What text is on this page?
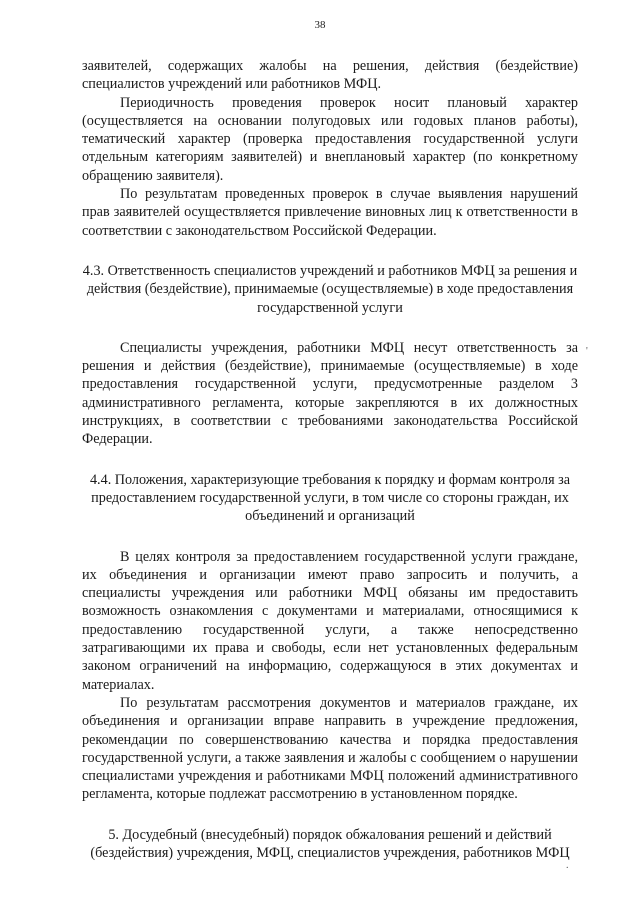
38

заявителей, содержащих жалобы на решения, действия (бездействие) специалистов учреждений или работников МФЦ.

Периодичность проведения проверок носит плановый характер (осуществляется на основании полугодовых или годовых планов работы), тематический характер (проверка предоставления государственной услуги отдельным категориям заявителей) и внеплановый характер (по конкретному обращению заявителя).

По результатам проведенных проверок в случае выявления нарушений прав заявителей осуществляется привлечение виновных лиц к ответственности в соответствии с законодательством Российской Федерации.

4.3. Ответственность специалистов учреждений и работников МФЦ за решения и действия (бездействие), принимаемые (осуществляемые) в ходе предоставления государственной услуги

Специалисты учреждения, работники МФЦ несут ответственность за решения и действия (бездействие), принимаемые (осуществляемые) в ходе предоставления государственной услуги, предусмотренные разделом 3 административного регламента, которые закрепляются в их должностных инструкциях, в соответствии с требованиями законодательства Российской Федерации.

4.4. Положения, характеризующие требования к порядку и формам контроля за предоставлением государственной услуги, в том числе со стороны граждан, их объединений и организаций

В целях контроля за предоставлением государственной услуги граждане, их объединения и организации имеют право запросить и получить, а специалисты учреждения или работники МФЦ обязаны им предоставить возможность ознакомления с документами и материалами, относящимися к предоставлению государственной услуги, а также непосредственно затрагивающими их права и свободы, если нет установленных федеральным законом ограничений на информацию, содержащуюся в этих документах и материалах.

По результатам рассмотрения документов и материалов граждане, их объединения и организации вправе направить в учреждение предложения, рекомендации по совершенствованию качества и порядка предоставления государственной услуги, а также заявления и жалобы с сообщением о нарушении специалистами учреждения и работниками МФЦ положений административного регламента, которые подлежат рассмотрению в установленном порядке.

5. Досудебный (внесудебный) порядок обжалования решений и действий (бездействия) учреждения, МФЦ, специалистов учреждения, работников МФЦ

'
.
